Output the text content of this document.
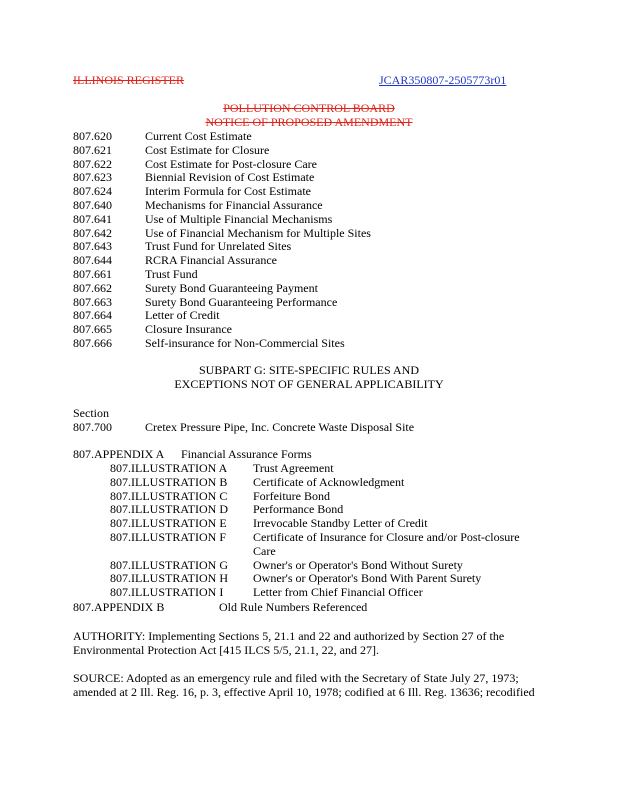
ILLINOIS REGISTER	JCAR350807-2505773r01
POLLUTION CONTROL BOARD
NOTICE OF PROPOSED AMENDMENT
807.620	Current Cost Estimate
807.621	Cost Estimate for Closure
807.622	Cost Estimate for Post-closure Care
807.623	Biennial Revision of Cost Estimate
807.624	Interim Formula for Cost Estimate
807.640	Mechanisms for Financial Assurance
807.641	Use of Multiple Financial Mechanisms
807.642	Use of Financial Mechanism for Multiple Sites
807.643	Trust Fund for Unrelated Sites
807.644	RCRA Financial Assurance
807.661	Trust Fund
807.662	Surety Bond Guaranteeing Payment
807.663	Surety Bond Guaranteeing Performance
807.664	Letter of Credit
807.665	Closure Insurance
807.666	Self-insurance for Non-Commercial Sites
SUBPART G: SITE-SPECIFIC RULES AND
EXCEPTIONS NOT OF GENERAL APPLICABILITY
Section
807.700	Cretex Pressure Pipe, Inc. Concrete Waste Disposal Site
807.APPENDIX A Financial Assurance Forms
807.ILLUSTRATION A Trust Agreement
807.ILLUSTRATION B Certificate of Acknowledgment
807.ILLUSTRATION C Forfeiture Bond
807.ILLUSTRATION D Performance Bond
807.ILLUSTRATION E Irrevocable Standby Letter of Credit
807.ILLUSTRATION F Certificate of Insurance for Closure and/or Post-closure
Care
807.ILLUSTRATION G Owner's or Operator's Bond Without Surety
807.ILLUSTRATION H Owner's or Operator's Bond With Parent Surety
807.ILLUSTRATION I Letter from Chief Financial Officer
807.APPENDIX B	Old Rule Numbers Referenced
AUTHORITY: Implementing Sections 5, 21.1 and 22 and authorized by Section 27 of the
Environmental Protection Act [415 ILCS 5/5, 21.1, 22, and 27].
SOURCE: Adopted as an emergency rule and filed with the Secretary of State July 27, 1973;
amended at 2 Ill. Reg. 16, p. 3, effective April 10, 1978; codified at 6 Ill. Reg. 13636; recodified
